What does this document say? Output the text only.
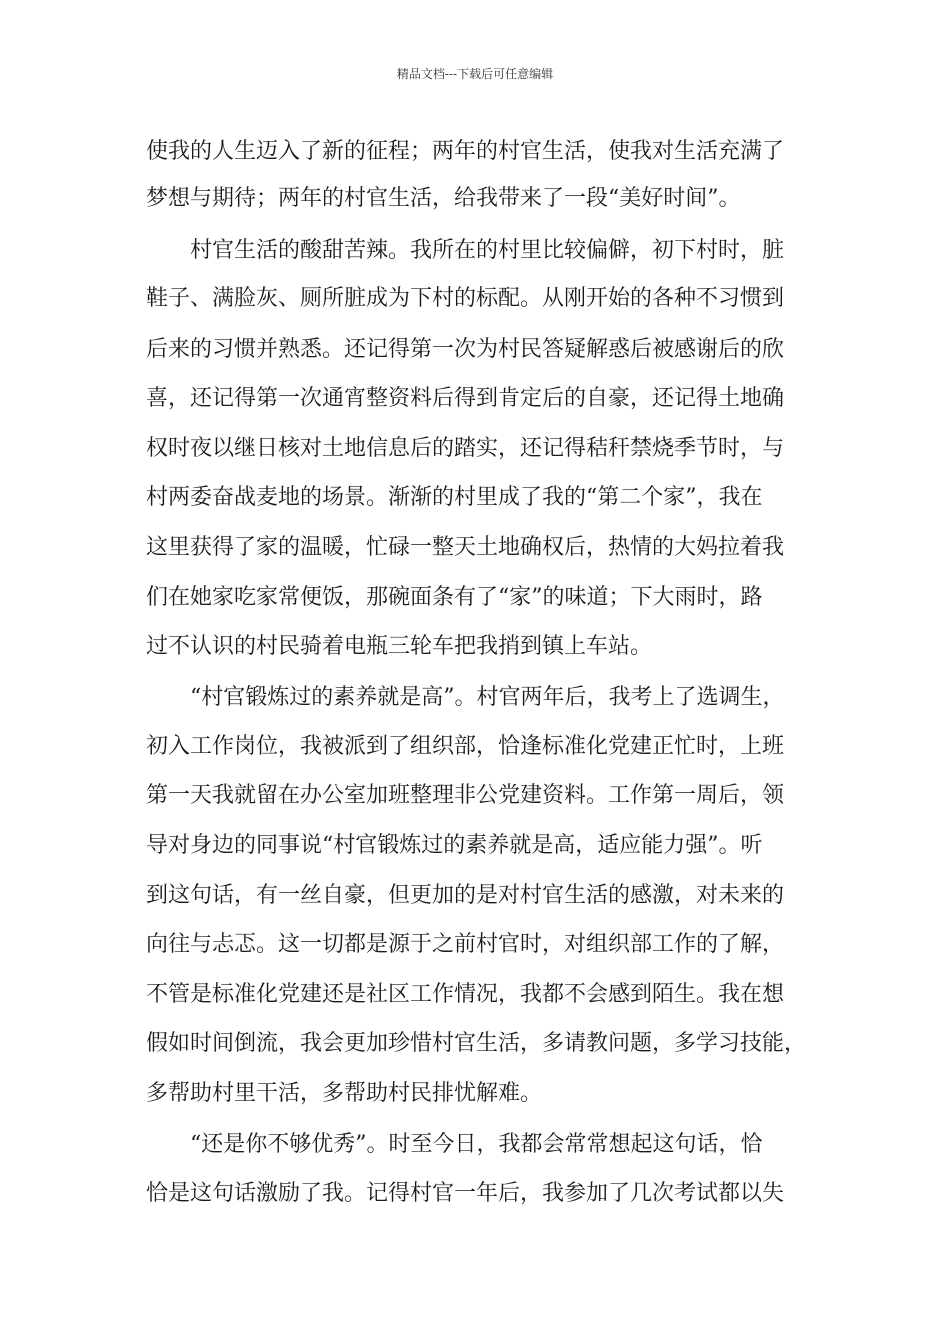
精品文档---下载后可任意编辑
使我的人生迈入了新的征程；两年的村官生活，使我对生活充满了
梦想与期待；两年的村官生活，给我带来了一段“美好时间”。
　　村官生活的酸甜苦辣。我所在的村里比较偏僻，初下村时，脏
鞋子、满脸灰、厕所脏成为下村的标配。从刚开始的各种不习惯到
后来的习惯并熟悉。还记得第一次为村民答疑解惑后被感谢后的欣
喜，还记得第一次通宵整资料后得到肯定后的自豪，还记得土地确
权时夜以继日核对土地信息后的踏实，还记得秸秆禁烧季节时，与
村两委奋战麦地的场景。渐渐的村里成了我的“第二个家”，我在
这里获得了家的温暖，忙碌一整天土地确权后，热情的大妈拉着我
们在她家吃家常便饭，那碗面条有了“家”的味道；下大雨时，路
过不认识的村民骑着电瓶三轮车把我捎到镇上车站。
　　“村官锻炼过的素养就是高”。村官两年后，我考上了选调生，
初入工作岗位，我被派到了组织部，恰逢标准化党建正忙时，上班
第一天我就留在办公室加班整理非公党建资料。工作第一周后，领
导对身边的同事说“村官锻炼过的素养就是高，适应能力强”。听
到这句话，有一丝自豪，但更加的是对村官生活的感激，对未来的
向往与忐忑。这一切都是源于之前村官时，对组织部工作的了解，
不管是标准化党建还是社区工作情况，我都不会感到陌生。我在想
假如时间倒流，我会更加珍惜村官生活，多请教问题，多学习技能，
多帮助村里干活，多帮助村民排忧解难。
　　“还是你不够优秀”。时至今日，我都会常常想起这句话，恰
恰是这句话激励了我。记得村官一年后，我参加了几次考试都以失
